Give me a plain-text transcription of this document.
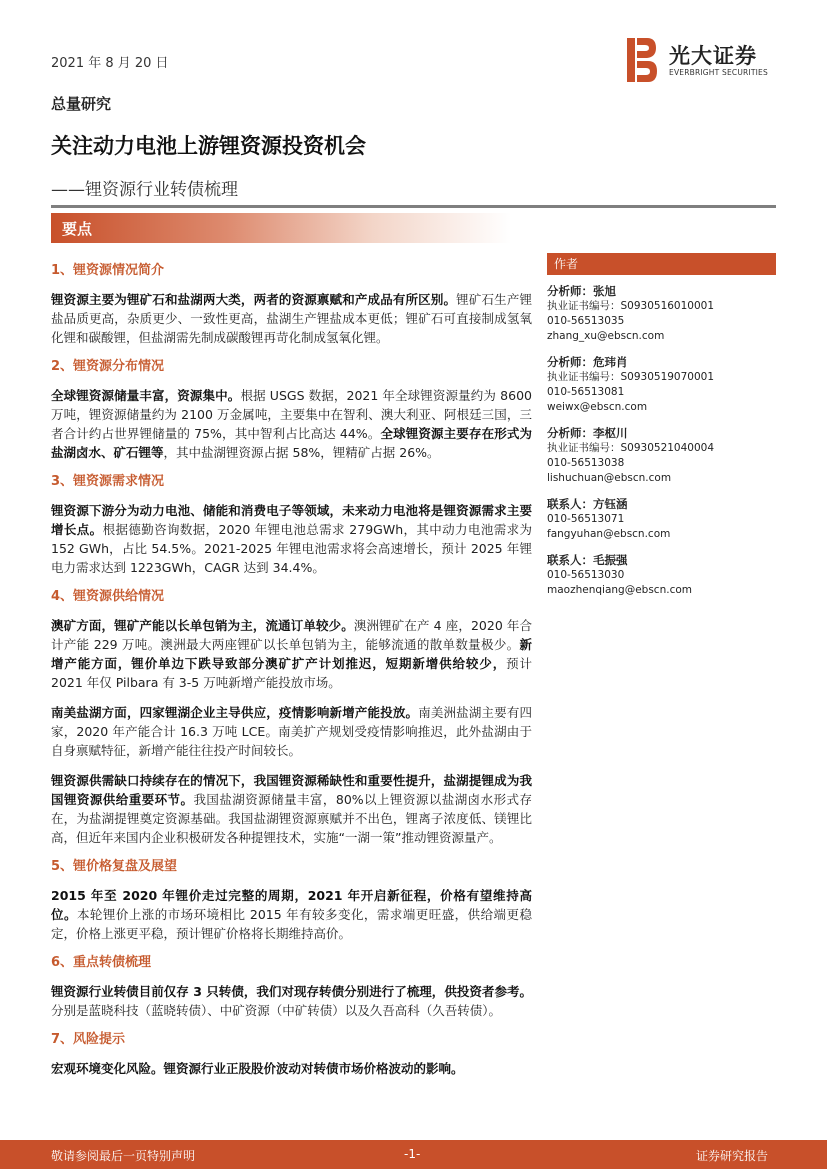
2021 年 8 月 20 日	光大证券
EVERBRIGHT SECURITIES
总量研究
关注动力电池上游锂资源投资机会
——锂资源行业转债梳理
要点
1、锂资源情况简介
锂资源主要为锂矿石和盐湖两大类，两者的资源禀赋和产成品有所区别。锂矿石生产锂盐品质更高，杂质更少、一致性更高，盐湖生产锂盐成本更低；锂矿石可直接制成氢氧化锂和碳酸锂，但盐湖需先制成碳酸锂再苛化制成氢氧化锂。
2、锂资源分布情况
全球锂资源储量丰富，资源集中。根据 USGS 数据，2021 年全球锂资源量约为 8600 万吨，锂资源储量约为 2100 万金属吨，主要集中在智利、澳大利亚、阿根廷三国，三者合计约占世界锂储量的 75%，其中智利占比高达 44%。全球锂资源主要存在形式为盐湖卤水、矿石锂等，其中盐湖锂资源占据 58%，锂精矿占据 26%。
3、锂资源需求情况
锂资源下游分为动力电池、储能和消费电子等领域，未来动力电池将是锂资源需求主要增长点。根据德勤咨询数据，2020 年锂电池总需求 279GWh，其中动力电池需求为 152 GWh，占比 54.5%。2021-2025 年锂电池需求将会高速增长，预计 2025 年锂电力需求达到 1223GWh，CAGR 达到 34.4%。
4、锂资源供给情况
澳矿方面，锂矿产能以长单包销为主，流通订单较少。澳洲锂矿在产 4 座，2020 年合计产能 229 万吨。澳洲最大两座锂矿以长单包销为主，能够流通的散单数量极少。新增产能方面，锂价单边下跌导致部分澳矿扩产计划推迟，短期新增供给较少，预计 2021 年仅 Pilbara 有 3-5 万吨新增产能投放市场。
南美盐湖方面，四家锂湖企业主导供应，疫情影响新增产能投放。南美洲盐湖主要有四家，2020 年产能合计 16.3 万吨 LCE。南美扩产规划受疫情影响推迟，此外盐湖由于自身禀赋特征，新增产能往往投产时间较长。
锂资源供需缺口持续存在的情况下，我国锂资源稀缺性和重要性提升，盐湖提锂成为我国锂资源供给重要环节。我国盐湖资源储量丰富，80%以上锂资源以盐湖卤水形式存在，为盐湖提锂奠定资源基础。我国盐湖锂资源禀赋并不出色，锂离子浓度低、镁锂比高，但近年来国内企业积极研发各种提锂技术，实施“一湖一策”推动锂资源量产。
5、锂价格复盘及展望
2015 年至 2020 年锂价走过完整的周期，2021 年开启新征程，价格有望维持高位。本轮锂价上涨的市场环境相比 2015 年有较多变化，需求端更旺盛，供给端更稳定，价格上涨更平稳，预计锂矿价格将长期维持高价。
6、重点转债梳理
锂资源行业转债目前仅存 3 只转债，我们对现存转债分别进行了梳理，供投资者参考。分别是蓝晓科技（蓝晓转债）、中矿资源（中矿转债）以及久吾高科（久吾转债）。
7、风险提示
宏观环境变化风险。锂资源行业正股股价波动对转债市场价格波动的影响。
作者
分析师：张旭
执业证书编号：S0930516010001
010-56513035
zhang_xu@ebscn.com
分析师：危玮肖
执业证书编号：S0930519070001
010-56513081
weiwx@ebscn.com
分析师：李枢川
执业证书编号：S0930521040004
010-56513038
lishuchuan@ebscn.com
联系人：方钰涵
010-56513071
fangyuhan@ebscn.com
联系人：毛振强
010-56513030
maozhenqiang@ebscn.com
敬请参阅最后一页特别声明	-1-	证券研究报告
